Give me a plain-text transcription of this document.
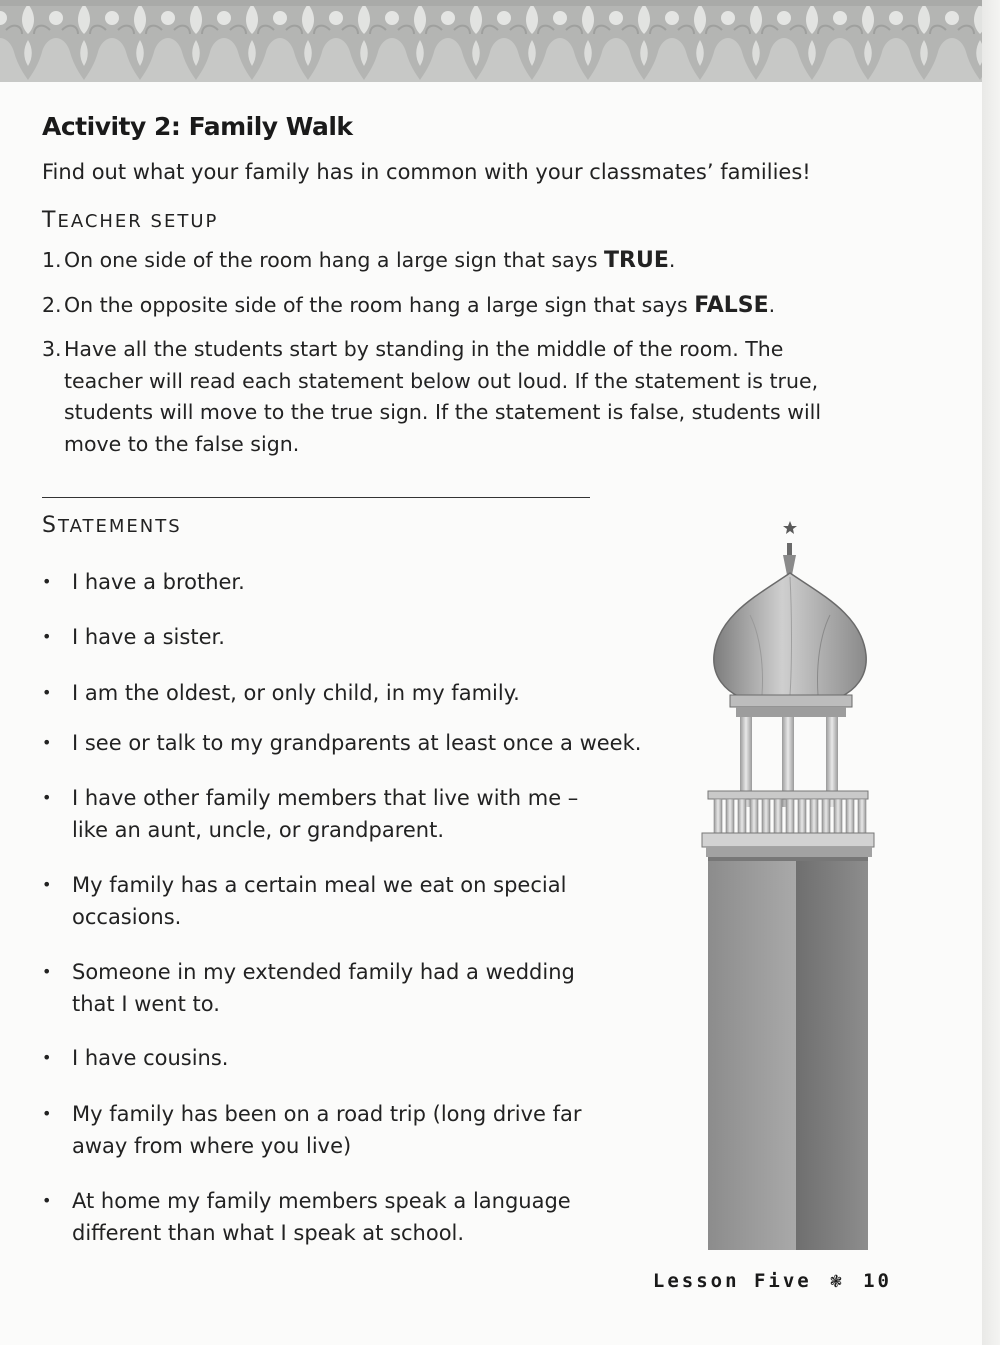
Activity 2: Family Walk
Find out what your family has in common with your classmates’ families!
TEACHER SETUP
1. On one side of the room hang a large sign that says TRUE.
2. On the opposite side of the room hang a large sign that says FALSE.
3. Have all the students start by standing in the middle of the room. The
teacher will read each statement below out loud. If the statement is true,
students will move to the true sign. If the statement is false, students will
move to the false sign.
STATEMENTS
• I have a brother.
• I have a sister.
• I am the oldest, or only child, in my family.
• I see or talk to my grandparents at least once a week.
• I have other family members that live with me –
like an aunt, uncle, or grandparent.
• My family has a certain meal we eat on special
occasions.
• Someone in my extended family had a wedding
that I went to.
• I have cousins.
• My family has been on a road trip (long drive far
away from where you live)
• At home my family members speak a language
different than what I speak at school.
Lesson Five ❃ 10
